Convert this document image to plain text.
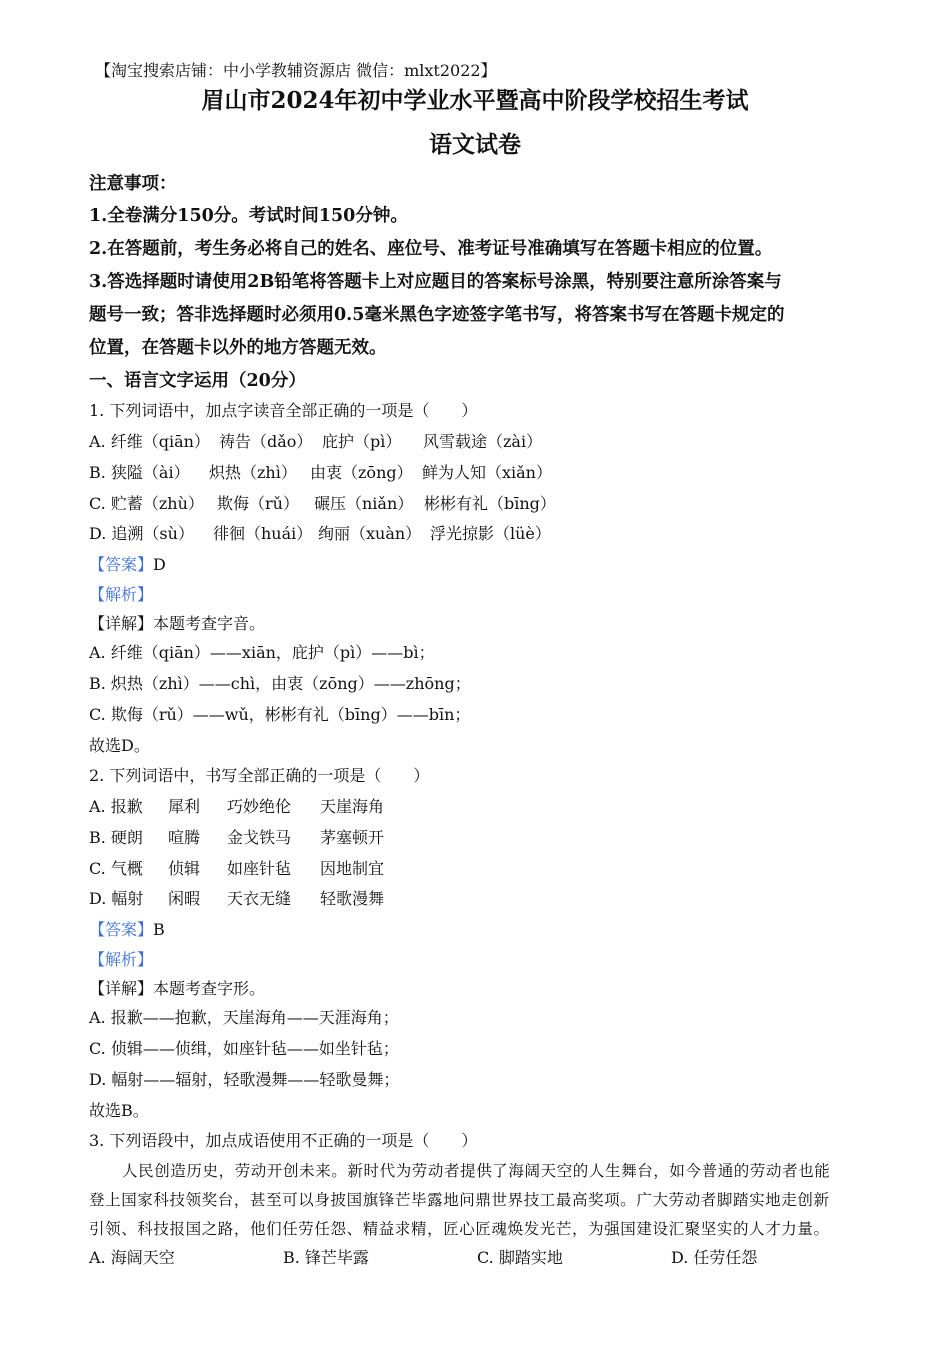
【淘宝搜索店铺：中小学教辅资源店 微信：mlxt2022】
眉山市2024年初中学业水平暨高中阶段学校招生考试
语文试卷
注意事项：
1.全卷满分150分。考试时间150分钟。
2.在答题前，考生务必将自己的姓名、座位号、准考证号准确填写在答题卡相应的位置。
3.答选择题时请使用2B铅笔将答题卡上对应题目的答案标号涂黑，特别要注意所涂答案与
题号一致；答非选择题时必须用0.5毫米黑色字迹签字笔书写，将答案书写在答题卡规定的
位置，在答题卡以外的地方答题无效。
一、语言文字运用（20分）
1. 下列词语中，加点字读音全部正确的一项是（　　）
A. 纤维（qiān） 祷告（dǎo） 庇护（pì） 风雪载途（zài）
B. 狭隘（ài） 炽热（zhì） 由衷（zōng） 鲜为人知（xiǎn）
C. 贮蓄（zhù） 欺侮（rǔ） 碾压（niǎn） 彬彬有礼（bīng）
D. 追溯（sù） 徘徊（huái） 绚丽（xuàn） 浮光掠影（lüè）
【答案】D
【解析】
【详解】本题考查字音。
A. 纤维（qiān）——xiān，庇护（pì）——bì；
B. 炽热（zhì）——chì，由衷（zōng）——zhōng；
C. 欺侮（rǔ）——wǔ，彬彬有礼（bīng）——bīn；
故选D。
2. 下列词语中，书写全部正确的一项是（　　）
A. 报歉 犀利 巧妙绝伦 天崖海角
B. 硬朗 喧腾 金戈铁马 茅塞顿开
C. 气概 侦辑 如座针毡 因地制宜
D. 幅射 闲暇 天衣无缝 轻歌漫舞
【答案】B
【解析】
【详解】本题考查字形。
A. 报歉——抱歉，天崖海角——天涯海角；
C. 侦辑——侦缉，如座针毡——如坐针毡；
D. 幅射——辐射，轻歌漫舞——轻歌曼舞；
故选B。
3. 下列语段中，加点成语使用不正确的一项是（　　）
人民创造历史，劳动开创未来。新时代为劳动者提供了海阔天空的人生舞台，如今普通的劳动者也能
登上国家科技领奖台，甚至可以身披国旗锋芒毕露地问鼎世界技工最高奖项。广大劳动者脚踏实地走创新
引领、科技报国之路，他们任劳任怨、精益求精，匠心匠魂焕发光芒，为强国建设汇聚坚实的人才力量。
A. 海阔天空	B. 锋芒毕露	C. 脚踏实地	D. 任劳任怨
